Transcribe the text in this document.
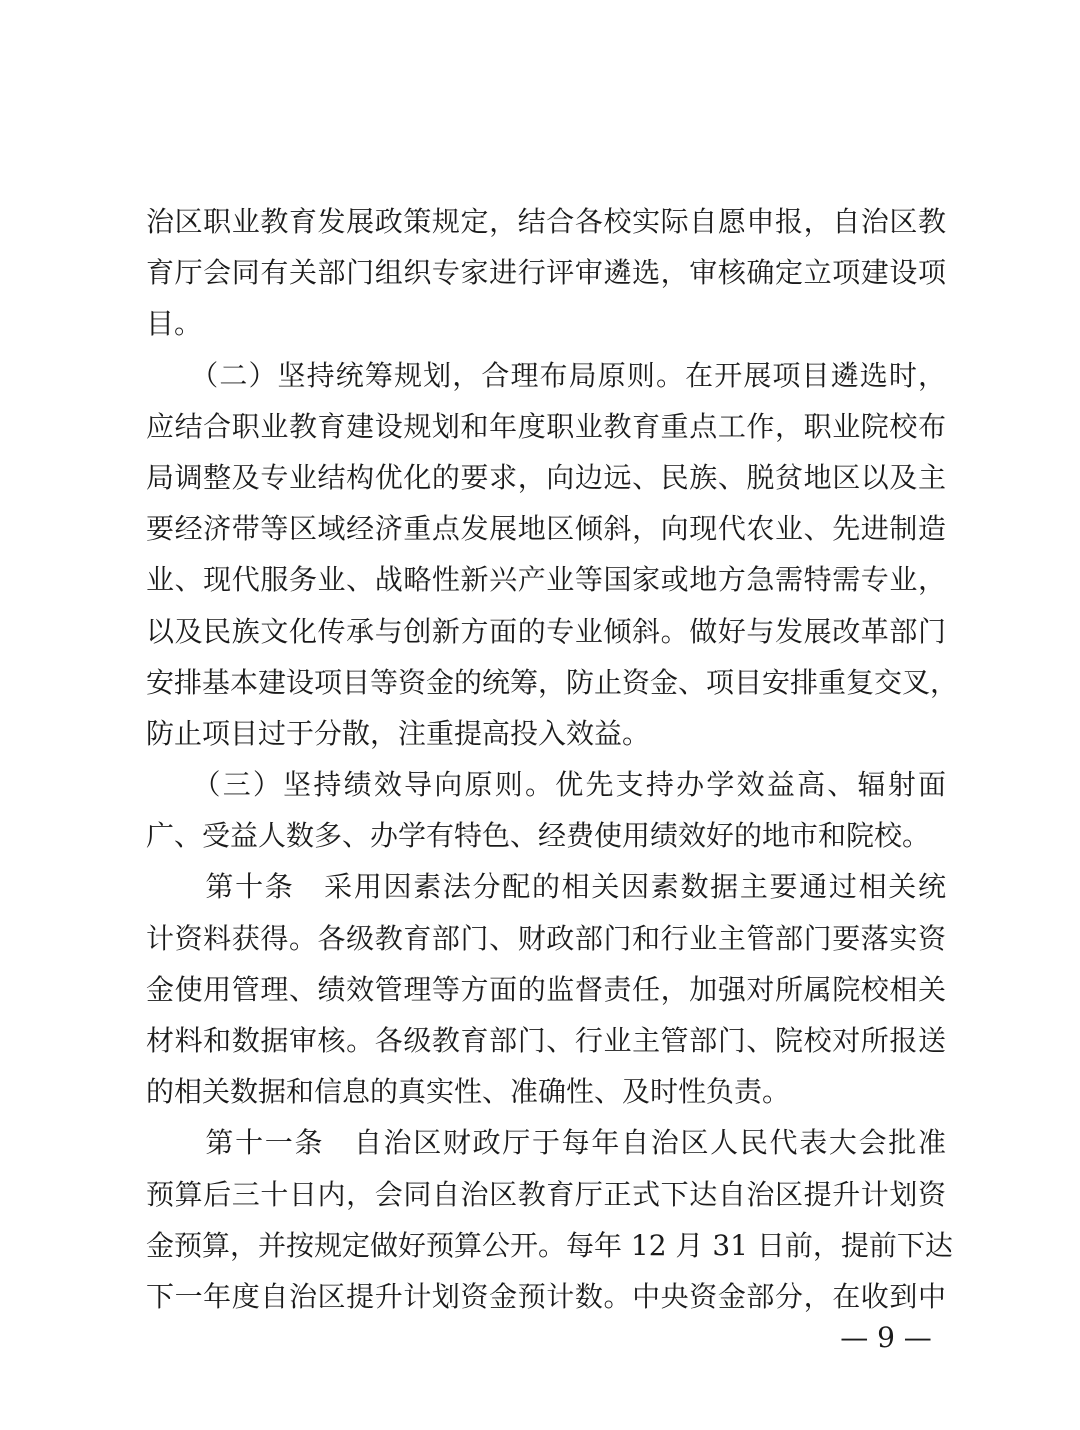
治区职业教育发展政策规定，结合各校实际自愿申报，自治区教
育厅会同有关部门组织专家进行评审遴选，审核确定立项建设项
目。
　　（二）坚持统筹规划，合理布局原则。在开展项目遴选时，
应结合职业教育建设规划和年度职业教育重点工作，职业院校布
局调整及专业结构优化的要求，向边远、民族、脱贫地区以及主
要经济带等区域经济重点发展地区倾斜，向现代农业、先进制造
业、现代服务业、战略性新兴产业等国家或地方急需特需专业，
以及民族文化传承与创新方面的专业倾斜。做好与发展改革部门
安排基本建设项目等资金的统筹，防止资金、项目安排重复交叉，
防止项目过于分散，注重提高投入效益。
　　（三）坚持绩效导向原则。优先支持办学效益高、辐射面
广、受益人数多、办学有特色、经费使用绩效好的地市和院校。
　　第十条　采用因素法分配的相关因素数据主要通过相关统
计资料获得。各级教育部门、财政部门和行业主管部门要落实资
金使用管理、绩效管理等方面的监督责任，加强对所属院校相关
材料和数据审核。各级教育部门、行业主管部门、院校对所报送
的相关数据和信息的真实性、准确性、及时性负责。
　　第十一条　自治区财政厅于每年自治区人民代表大会批准
预算后三十日内，会同自治区教育厅正式下达自治区提升计划资
金预算，并按规定做好预算公开。每年 12 月 31 日前，提前下达
下一年度自治区提升计划资金预计数。中央资金部分，在收到中
— 9 —
